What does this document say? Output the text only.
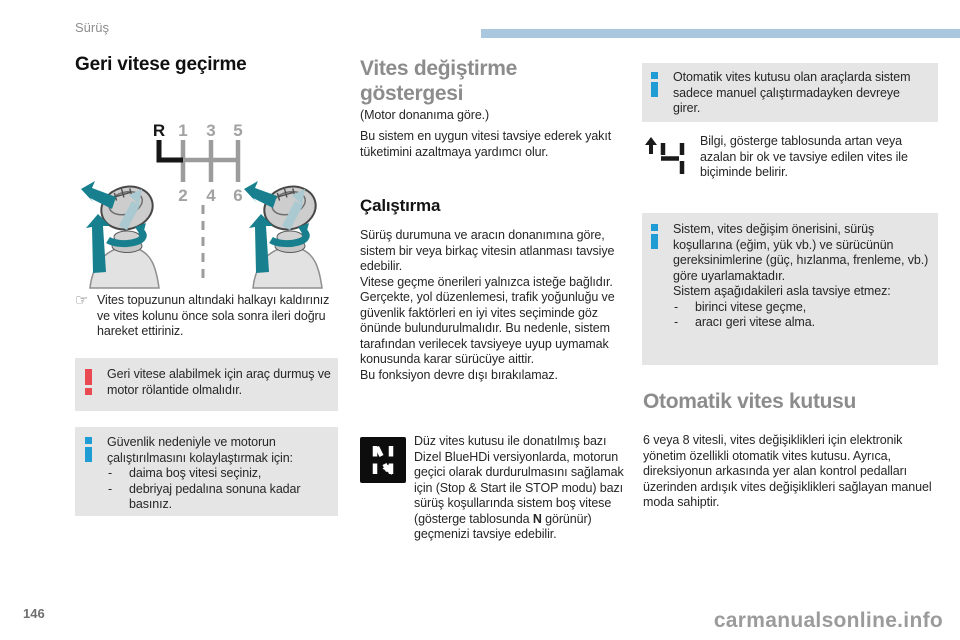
Sürüş
Geri vitese geçirme
R 1 3 5
2 4 6
☞ Vites topuzunun altındaki halkayı kaldırınız ve vites kolunu önce sola sonra ileri doğru hareket ettiriniz.

Geri vitese alabilmek için araç durmuş ve motor rölantide olmalıdır.

Güvenlik nedeniyle ve motorun çalıştırılmasını kolaylaştırmak için:

-	daima boş vitesi seçiniz,
-	debriyaj pedalına sonuna kadar basınız.
Vites değiştirme göstergesi

(Motor donanıma göre.)

Bu sistem en uygun vitesi tavsiye ederek yakıt tüketimini azaltmaya yardımcı olur.

Çalıştırma

Sürüş durumuna ve aracın donanımına göre, sistem bir veya birkaç vitesin atlanması tavsiye edebilir.

Vitese geçme önerileri yalnızca isteğe bağlıdır. Gerçekte, yol düzenlemesi, trafik yoğunluğu ve güvenlik faktörleri en iyi vites seçiminde göz önünde bulundurulmalıdır. Bu nedenle, sistem tarafından verilecek tavsiyeye uyup uymamak konusunda karar sürücüye aittir.

Bu fonksiyon devre dışı bırakılamaz.

Düz vites kutusu ile donatılmış bazı Dizel BlueHDi versiyonlarda, motorun geçici olarak durdurulmasını sağlamak için (Stop & Start ile STOP modu) bazı sürüş koşullarında sistem boş vitese (gösterge tablosunda N görünür) geçmenizi tavsiye edebilir.

Otomatik vites kutusu olan araçlarda sistem sadece manuel çalıştırmadayken devreye girer.

Bilgi, gösterge tablosunda artan veya azalan bir ok ve tavsiye edilen vites ile biçiminde belirir.

Sistem, vites değişim önerisini, sürüş koşullarına (eğim, yük vb.) ve sürücünün gereksinimlerine (güç, hızlanma, frenleme, vb.) göre uyarlamaktadır.

Sistem aşağıdakileri asla tavsiye etmez:

-	birinci vitese geçme,
-	aracı geri vitese alma.
Otomatik vites kutusu

6 veya 8 vitesli, vites değişiklikleri için elektronik yönetim özellikli otomatik vites kutusu. Ayrıca, direksiyonun arkasında yer alan kontrol pedalları üzerinden ardışık vites değişiklikleri sağlayan manuel moda sahiptir.

146	carmanualsonline.info
